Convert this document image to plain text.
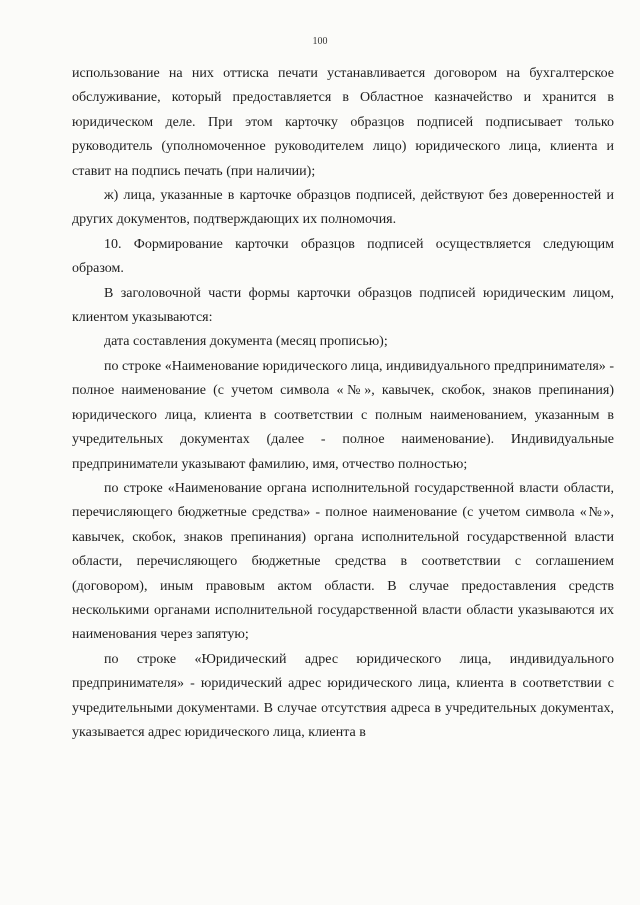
100

использование на них оттиска печати устанавливается договором на бухгалтерское обслуживание, который предоставляется в Областное казначейство и хранится в юридическом деле. При этом карточку образцов подписей подписывает только руководитель (уполномоченное руководителем лицо) юридического лица, клиента и ставит на подпись печать (при наличии);

ж) лица, указанные в карточке образцов подписей, действуют без доверенностей и других документов, подтверждающих их полномочия.

10. Формирование карточки образцов подписей осуществляется следующим образом.

В заголовочной части формы карточки образцов подписей юридическим лицом, клиентом указываются:

дата составления документа (месяц прописью);

по строке «Наименование юридического лица, индивидуального предпринимателя» - полное наименование (с учетом символа «№», кавычек, скобок, знаков препинания) юридического лица, клиента в соответствии с полным наименованием, указанным в учредительных документах (далее - полное наименование). Индивидуальные предприниматели указывают фамилию, имя, отчество полностью;

по строке «Наименование органа исполнительной государственной власти области, перечисляющего бюджетные средства» - полное наименование (с учетом символа «№», кавычек, скобок, знаков препинания) органа исполнительной государственной власти области, перечисляющего бюджетные средства в соответствии с соглашением (договором), иным правовым актом области. В случае предоставления средств несколькими органами исполнительной государственной власти области указываются их наименования через запятую;

по строке «Юридический адрес юридического лица, индивидуального предпринимателя» - юридический адрес юридического лица, клиента в соответствии с учредительными документами. В случае отсутствия адреса в учредительных документах, указывается адрес юридического лица, клиента в
